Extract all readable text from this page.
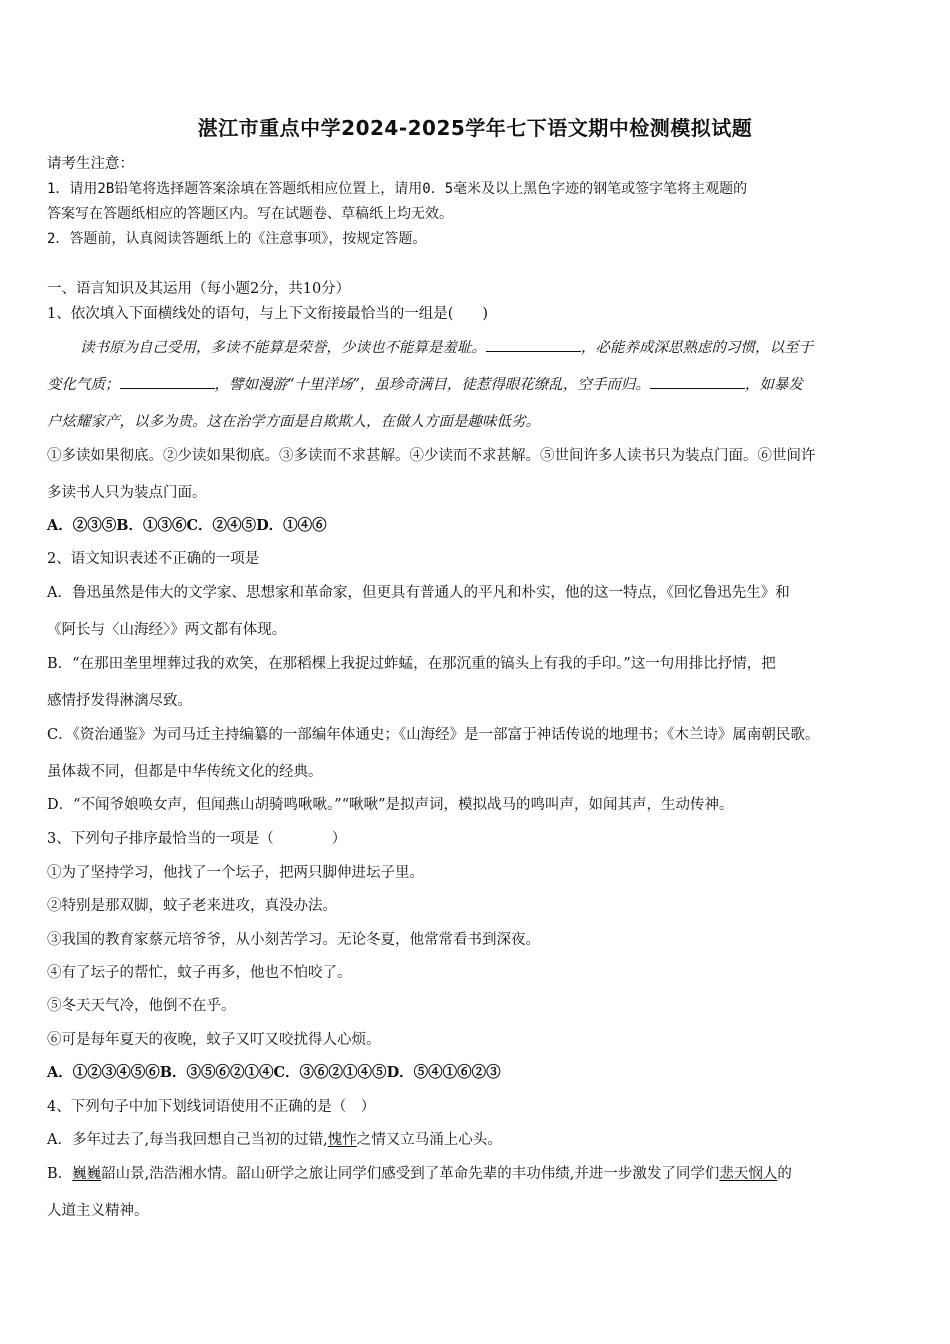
湛江市重点中学2024-2025学年七下语文期中检测模拟试题
请考生注意：
1．请用2B铅笔将选择题答案涂填在答题纸相应位置上，请用0．5毫米及以上黑色字迹的钢笔或签字笔将主观题的
答案写在答题纸相应的答题区内。写在试题卷、草稿纸上均无效。
2．答题前，认真阅读答题纸上的《注意事项》，按规定答题。
一、语言知识及其运用（每小题2分，共10分）
1、依次填入下面横线处的语句，与上下文衔接最恰当的一组是(　　)
读书原为自己受用，多读不能算是荣誉，少读也不能算是羞耻。	，必能养成深思熟虑的习惯，以至于
变化气质；	，譬如漫游“十里洋场”，虽珍奇满目，徒惹得眼花缭乱，空手而归。	，如暴发
户炫耀家产，以多为贵。这在治学方面是自欺欺人，在做人方面是趣味低劣。
①多读如果彻底。②少读如果彻底。③多读而不求甚解。④少读而不求甚解。⑤世间许多人读书只为装点门面。⑥世间许
多读书人只为装点门面。
A．②③⑤B．①③⑥C．②④⑤D．①④⑥
2、语文知识表述不正确的一项是
A．鲁迅虽然是伟大的文学家、思想家和革命家，但更具有普通人的平凡和朴实，他的这一特点，《回忆鲁迅先生》和
《阿长与〈山海经〉》两文都有体现。
B．“在那田垄里埋葬过我的欢笑，在那稻棵上我捉过蚱蜢，在那沉重的镐头上有我的手印。”这一句用排比抒情，把
感情抒发得淋漓尽致。
C．《资治通鉴》为司马迁主持编纂的一部编年体通史；《山海经》是一部富于神话传说的地理书；《木兰诗》属南朝民歌。
虽体裁不同，但都是中华传统文化的经典。
D．“不闻爷娘唤女声，但闻燕山胡骑鸣啾啾。”“啾啾”是拟声词，模拟战马的鸣叫声，如闻其声，生动传神。
3、下列句子排序最恰当的一项是（　　　　）
①为了坚持学习，他找了一个坛子，把两只脚伸进坛子里。
②特别是那双脚，蚊子老来进攻，真没办法。
③我国的教育家蔡元培爷爷，从小刻苦学习。无论冬夏，他常常看书到深夜。
④有了坛子的帮忙，蚊子再多，他也不怕咬了。
⑤冬天天气冷，他倒不在乎。
⑥可是每年夏天的夜晚，蚊子又叮又咬扰得人心烦。
A．①②③④⑤⑥B．③⑤⑥②①④C．③⑥②①④⑤D．⑤④①⑥②③
4、下列句子中加下划线词语使用不正确的是（　）
A．多年过去了,每当我回想自己当初的过错,愧怍之情又立马涌上心头。
B．巍巍韶山景,浩浩湘水情。韶山研学之旅让同学们感受到了革命先辈的丰功伟绩,并进一步激发了同学们悲天悯人的
人道主义精神。
